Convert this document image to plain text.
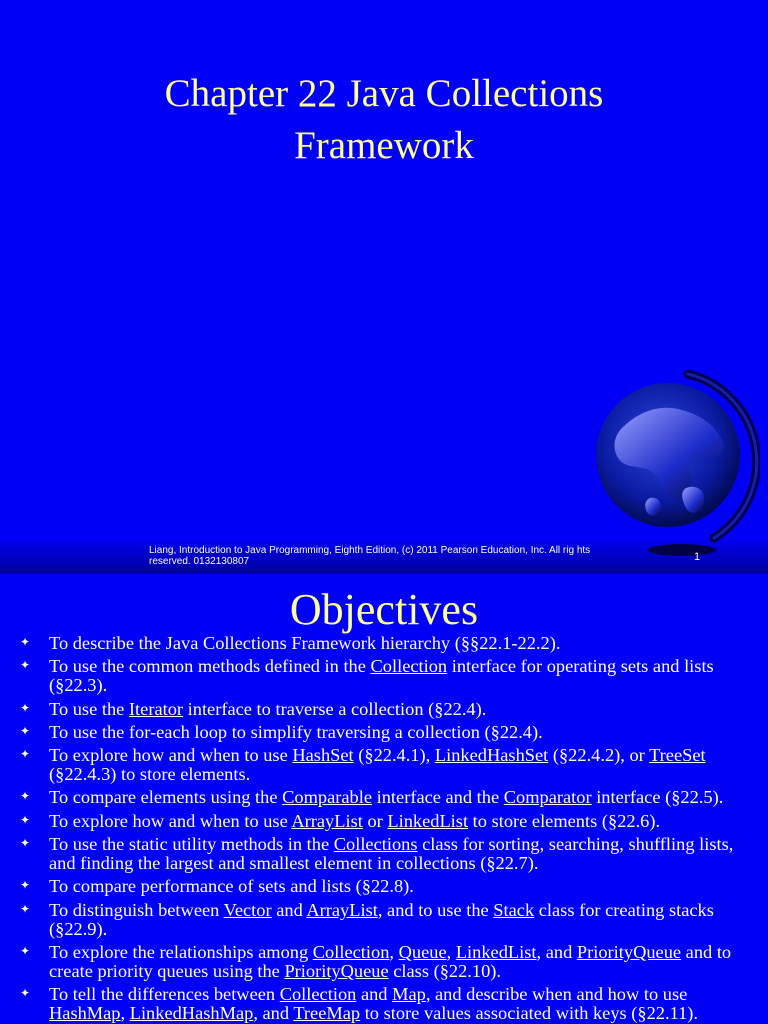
Chapter 22 Java Collections
Framework
Liang, Introduction to Java Programming, Eighth Edition, (c) 2011 Pearson Education, Inc. All rig hts reserved. 0132130807	1
Objectives
✦ To describe the Java Collections Framework hierarchy (§§22.1-22.2).
✦ To use the common methods defined in the Collection interface for operating sets and lists (§22.3).
✦ To use the Iterator interface to traverse a collection (§22.4).
✦ To use the for-each loop to simplify traversing a collection (§22.4).
✦ To explore how and when to use HashSet (§22.4.1), LinkedHashSet (§22.4.2), or TreeSet (§22.4.3) to store elements.
✦ To compare elements using the Comparable interface and the Comparator interface (§22.5).
✦ To explore how and when to use ArrayList or LinkedList to store elements (§22.6).
✦ To use the static utility methods in the Collections class for sorting, searching, shuffling lists, and finding the largest and smallest element in collections (§22.7).
✦ To compare performance of sets and lists (§22.8).
✦ To distinguish between Vector and ArrayList, and to use the Stack class for creating stacks (§22.9).
✦ To explore the relationships among Collection, Queue, LinkedList, and PriorityQueue and to create priority queues using the PriorityQueue class (§22.10).
✦ To tell the differences between Collection and Map, and describe when and how to use HashMap, LinkedHashMap, and TreeMap to store values associated with keys (§22.11).
